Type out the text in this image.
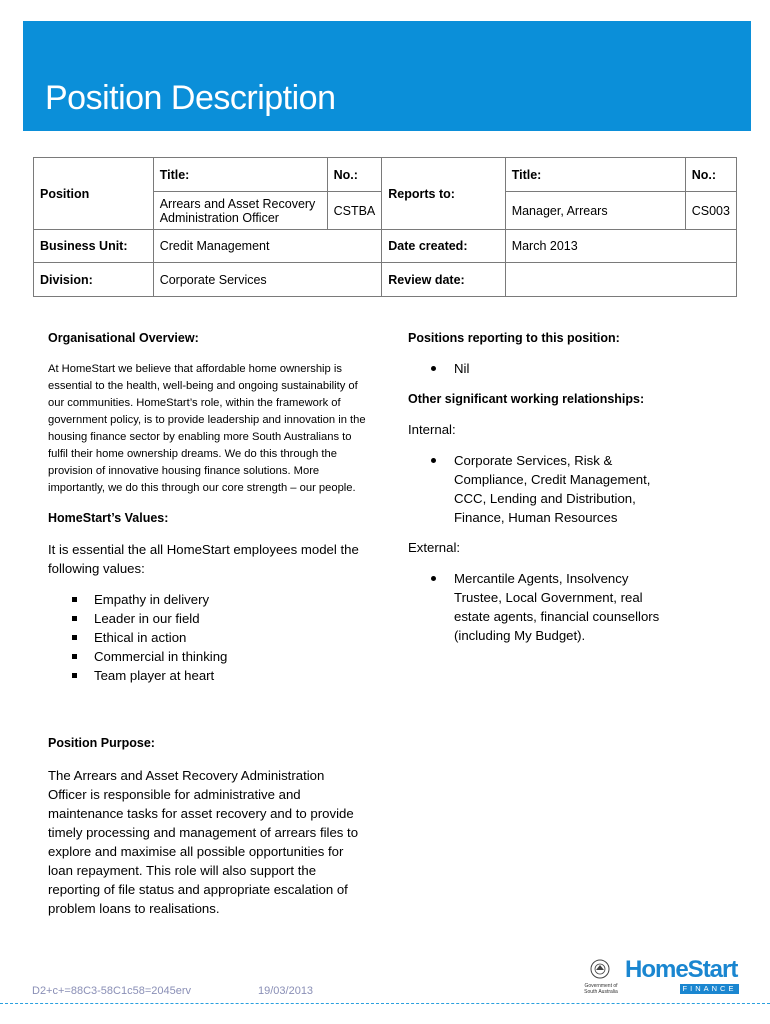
Position Description
Position	Title:	No.:	Reports to:	Title:	No.:
	Arrears and Asset Recovery Administration Officer	CSTBA		Manager, Arrears	CS003
Business Unit:	Credit Management		Date created:	March 2013	
Division:	Corporate Services		Review date:		

Organisational Overview:

At HomeStart we believe that affordable home ownership is essential to the health, well-being and ongoing sustainability of our communities. HomeStart’s role, within the framework of government policy, is to provide leadership and innovation in the housing finance sector by enabling more South Australians to fulfil their home ownership dreams. We do this through the provision of innovative housing finance solutions. More importantly, we do this through our core strength – our people.

HomeStart’s Values:

It is essential the all HomeStart employees model the following values:

Empathy in delivery
Leader in our field
Ethical in action
Commercial in thinking
Team player at heart

Position Purpose:

The Arrears and Asset Recovery Administration Officer is responsible for administrative and maintenance tasks for asset recovery and to provide timely processing and management of arrears files to explore and maximise all possible opportunities for loan repayment. This role will also support the reporting of file status and appropriate escalation of problem loans to realisations.

Positions reporting to this position:

Nil

Other significant working relationships:

Internal:

Corporate Services, Risk & Compliance, Credit Management, CCC, Lending and Distribution, Finance, Human Resources

External:

Mercantile Agents, Insolvency Trustee, Local Government, real estate agents, financial counsellors (including My Budget).
D2+c+=88C3-58C1c58=2045erv	19/03/2013	Government of South Australia
HomeStart
FINANCE
